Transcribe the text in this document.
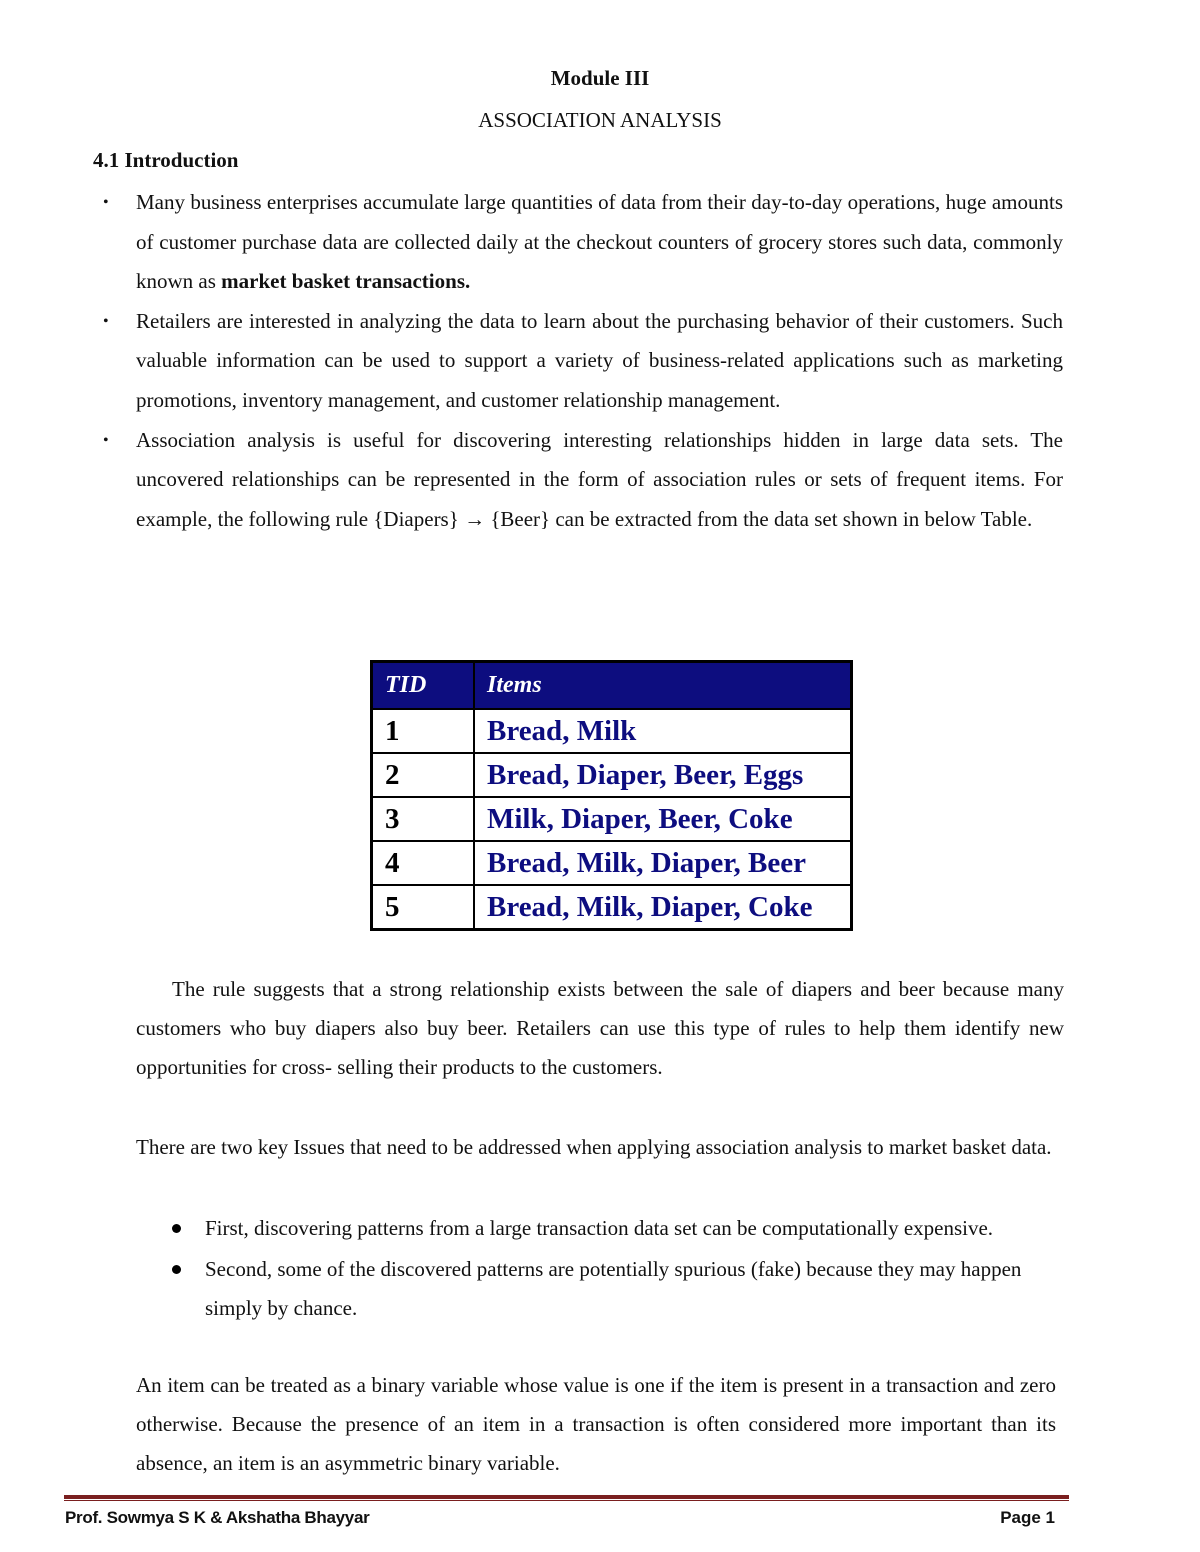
Module III
ASSOCIATION ANALYSIS
4.1 Introduction
• Many business enterprises accumulate large quantities of data from their day-to-day operations, huge amounts of customer purchase data are collected daily at the checkout counters of grocery stores such data, commonly known as market basket transactions.
• Retailers are interested in analyzing the data to learn about the purchasing behavior of their customers. Such valuable information can be used to support a variety of business-related applications such as marketing promotions, inventory management, and customer relationship management.
• Association analysis is useful for discovering interesting relationships hidden in large data sets. The uncovered relationships can be represented in the form of association rules or sets of frequent items. For example, the following rule {Diapers} → {Beer} can be extracted from the data set shown in below Table.
TID	Items
1	Bread, Milk
2	Bread, Diaper, Beer, Eggs
3	Milk, Diaper, Beer, Coke
4	Bread, Milk, Diaper, Beer
5	Bread, Milk, Diaper, Coke

The rule suggests that a strong relationship exists between the sale of diapers and beer because many customers who buy diapers also buy beer. Retailers can use this type of rules to help them identify new opportunities for cross- selling their products to the customers.

There are two key Issues that need to be addressed when applying association analysis to market basket data.

First, discovering patterns from a large transaction data set can be computationally expensive.
Second, some of the discovered patterns are potentially spurious (fake) because they may happen simply by chance.

An item can be treated as a binary variable whose value is one if the item is present in a transaction and zero otherwise. Because the presence of an item in a transaction is often considered more important than its absence, an item is an asymmetric binary variable.

Prof. Sowmya S K & Akshatha Bhayyar	Page 1
